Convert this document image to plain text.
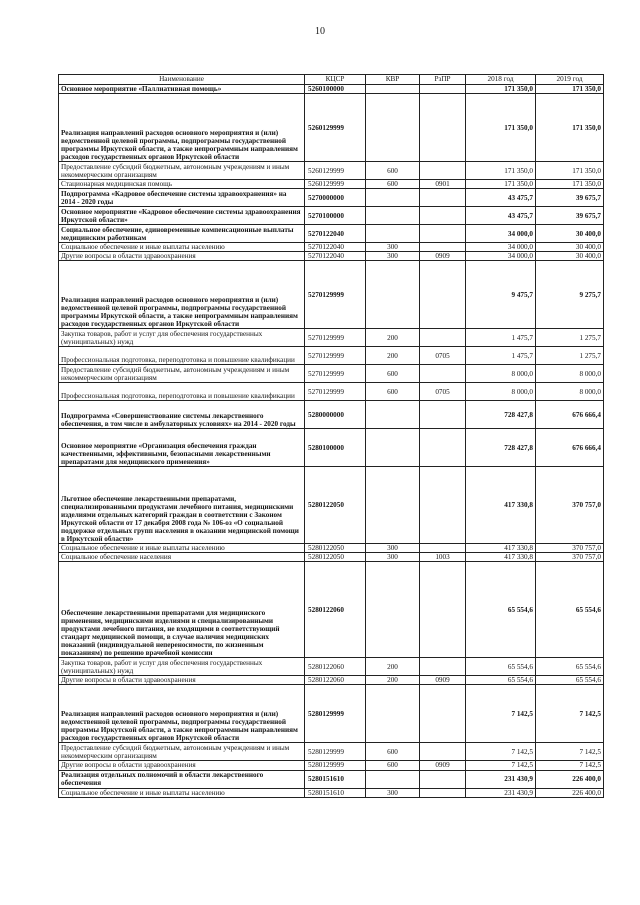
10
Наименование	КЦСР	КВР	РзПР	2018 год	2019 год
Основное мероприятие «Паллиативная помощь»	5260100000			171 350,0	171 350,0
Реализация направлений расходов основного мероприятия и (или) ведомственной целевой программы, подпрограммы государственной программы Иркутской области, а также непрограммным направлениям расходов государственных органов Иркутской области	5260129999			171 350,0	171 350,0
Предоставление субсидий бюджетным, автономным учреждениям и иным некоммерческим организациям	5260129999	600		171 350,0	171 350,0
Стационарная медицинская помощь	5260129999	600	0901	171 350,0	171 350,0
Подпрограмма «Кадровое обеспечение системы здравоохранения» на 2014 - 2020 годы	5270000000			43 475,7	39 675,7
Основное мероприятие «Кадровое обеспечение системы здравоохранения Иркутской области»	5270100000			43 475,7	39 675,7
Социальное обеспечение, единовременные компенсационные выплаты медицинским работникам	5270122040			34 000,0	30 400,0
Социальное обеспечение и иные выплаты населению	5270122040	300		34 000,0	30 400,0
Другие вопросы в области здравоохранения	5270122040	300	0909	34 000,0	30 400,0
Реализация направлений расходов основного мероприятия и (или) ведомственной целевой программы, подпрограммы государственной программы Иркутской области, а также непрограммным направлениям расходов государственных органов Иркутской области	5270129999			9 475,7	9 275,7
Закупка товаров, работ и услуг для обеспечения государственных (муниципальных) нужд	5270129999	200		1 475,7	1 275,7
Профессиональная подготовка, переподготовка и повышение квалификации	5270129999	200	0705	1 475,7	1 275,7
Предоставление субсидий бюджетным, автономным учреждениям и иным некоммерческим организациям	5270129999	600		8 000,0	8 000,0
Профессиональная подготовка, переподготовка и повышение квалификации	5270129999	600	0705	8 000,0	8 000,0
Подпрограмма «Совершенствование системы лекарственного обеспечения, в том числе в амбулаторных условиях» на 2014 - 2020 годы	5280000000			728 427,8	676 666,4
Основное мероприятие «Организация обеспечения граждан качественными, эффективными, безопасными лекарственными препаратами для медицинского применения»	5280100000			728 427,8	676 666,4
Льготное обеспечение лекарственными препаратами, специализированными продуктами лечебного питания, медицинскими изделиями отдельных категорий граждан в соответствии с Законом Иркутской области от 17 декабря 2008 года № 106-оз «О социальной поддержке отдельных групп населения в оказании медицинской помощи в Иркутской области»	5280122050			417 330,8	370 757,0
Социальное обеспечение и иные выплаты населению	5280122050	300		417 330,8	370 757,0
Социальное обеспечение населения	5280122050	300	1003	417 330,8	370 757,0
Обеспечение лекарственными препаратами для медицинского применения, медицинскими изделиями и специализированными продуктами лечебного питания, не входящими в соответствующий стандарт медицинской помощи, в случае наличия медицинских показаний (индивидуальной непереносимости, по жизненным показаниям) по решению врачебной комиссии	5280122060			65 554,6	65 554,6
Закупка товаров, работ и услуг для обеспечения государственных (муниципальных) нужд	5280122060	200		65 554,6	65 554,6
Другие вопросы в области здравоохранения	5280122060	200	0909	65 554,6	65 554,6
Реализация направлений расходов основного мероприятия и (или) ведомственной целевой программы, подпрограммы государственной программы Иркутской области, а также непрограммным направлениям расходов государственных органов Иркутской области	5280129999			7 142,5	7 142,5
Предоставление субсидий бюджетным, автономным учреждениям и иным некоммерческим организациям	5280129999	600		7 142,5	7 142,5
Другие вопросы в области здравоохранения	5280129999	600	0909	7 142,5	7 142,5
Реализация отдельных полномочий в области лекарственного обеспечения	5280151610			231 430,9	226 400,0
Социальное обеспечение и иные выплаты населению	5280151610	300		231 430,9	226 400,0
